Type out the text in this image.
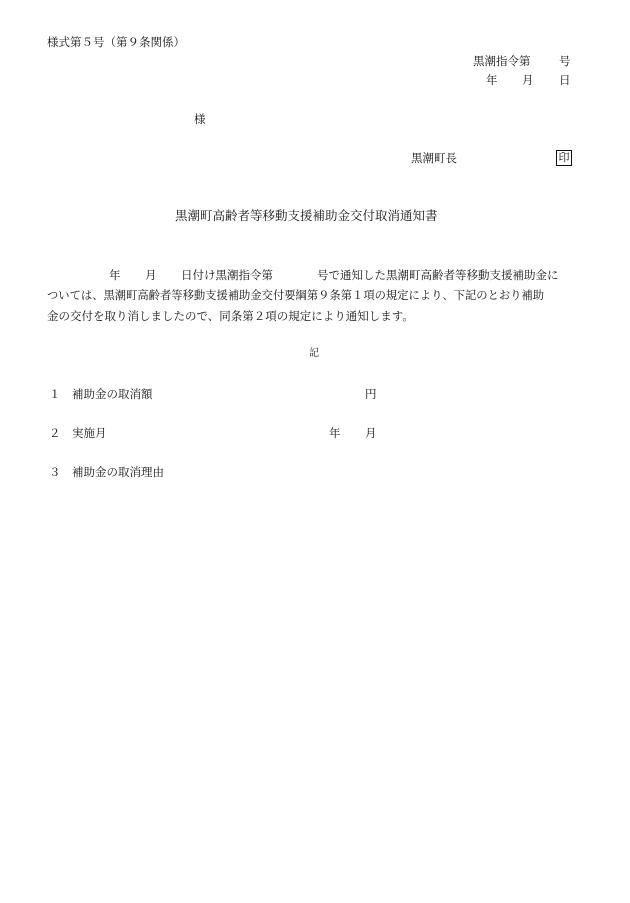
様式第５号（第９条関係）
黒潮指令第 号
年 月 日
様
黒潮町長	印
黒潮町高齢者等移動支援補助金交付取消通知書
年 月 日付け黒潮指令第	号で通知した黒潮町高齢者等移動支援補助金に
ついては、黒潮町高齢者等移動支援補助金交付要綱第９条第１項の規定により、下記のとおり補助
金の交付を取り消しましたので、同条第２項の規定により通知します。
記
１ 補助金の取消額	円
２ 実施月	年 月
３ 補助金の取消理由
